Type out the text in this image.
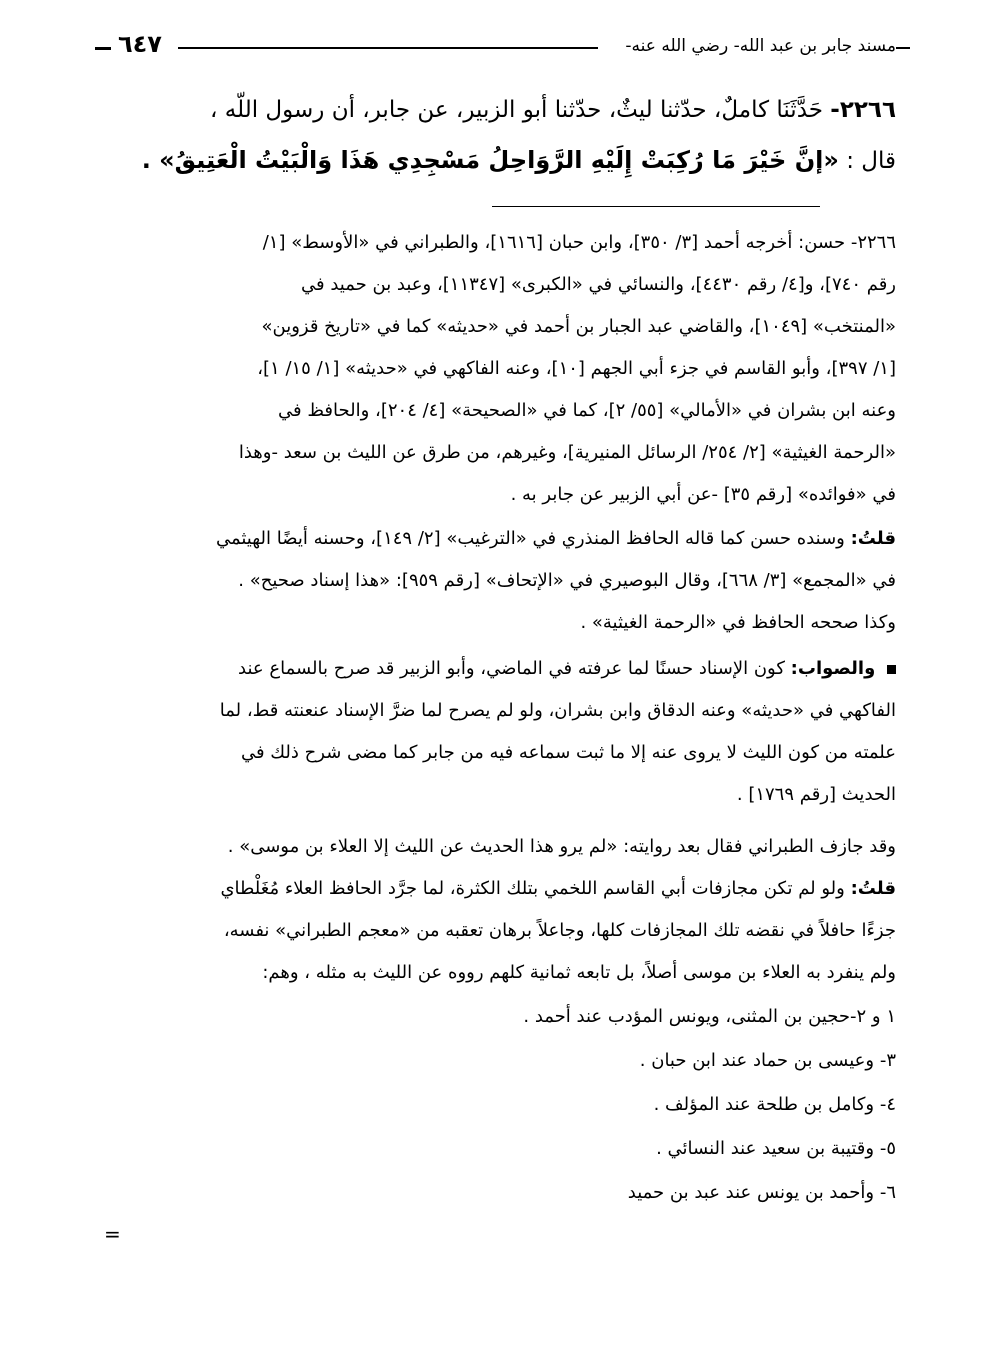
مسند جابر بن عبد الله- رضي الله عنه-
٦٤٧
٢٢٦٦- حَدَّثَنَا كاملٌ، حدّثنا ليثٌ، حدّثنا أبو الزبير، عن جابر، أن رسول اللّه ،
قال : «إنَّ خَيْرَ مَا رُكِبَتْ إِلَيْهِ الرَّوَاحِلُ مَسْجِدِي هَذَا وَالْبَيْتُ الْعَتِيقُ» .
٢٢٦٦- حسن: أخرجه أحمد [٣/ ٣٥٠]، وابن حبان [١٦١٦]، والطبراني في «الأوسط» [١/
رقم ٧٤٠]، و[٤/ رقم ٤٤٣٠]، والنسائي في «الكبرى» [١١٣٤٧]، وعبد بن حميد في
«المنتخب» [١٠٤٩]، والقاضي عبد الجبار بن أحمد في «حديثه» كما في «تاريخ قزوين»
[١/ ٣٩٧]، وأبو القاسم في جزء أبي الجهم [١٠]، وعنه الفاكهي في «حديثه» [١/ ١٥/ ١]،
وعنه ابن بشران في «الأمالي» [٥٥/ ٢]، كما في «الصحيحة» [٤/ ٢٠٤]، والحافظ في
«الرحمة الغيثية» [٢/ ٢٥٤/ الرسائل المنيرية]، وغيرهم، من طرق عن الليث بن سعد -وهذا
في «فوائده» [رقم ٣٥] -عن أبي الزبير عن جابر به .
قلتُ: وسنده حسن كما قاله الحافظ المنذري في «الترغيب» [٢/ ١٤٩]، وحسنه أيضًا الهيثمي
في «المجمع» [٣/ ٦٦٨]، وقال البوصيري في «الإتحاف» [رقم ٩٥٩]: «هذا إسناد صحيح» .
وكذا صححه الحافظ في «الرحمة الغيثية» .
والصواب: كون الإسناد حسنًا لما عرفته في الماضي، وأبو الزبير قد صرح بالسماع عند
الفاكهي في «حديثه» وعنه الدقاق وابن بشران، ولو لم يصرح لما ضرَّ الإسناد عنعنته قط، لما
علمته من كون الليث لا يروى عنه إلا ما ثبت سماعه فيه من جابر كما مضى شرح ذلك في
الحديث [رقم ١٧٦٩] .
وقد جازف الطبراني فقال بعد روايته: «لم يرو هذا الحديث عن الليث إلا العلاء بن موسى» .
قلتُ: ولو لم تكن مجازفات أبي القاسم اللخمي بتلك الكثرة، لما جرَّد الحافظ العلاء مُغَلْطاي
جزءًا حافلاً في نقضه تلك المجازفات كلها، وجاعلاً برهان تعقبه من «معجم الطبراني» نفسه،
ولم ينفرد به العلاء بن موسى أصلاً، بل تابعه ثمانية كلهم رووه عن الليث به مثله ، وهم:
١ و ٢-حجين بن المثنى، ويونس المؤدب عند أحمد .
٣- وعيسى بن حماد عند ابن حبان .
٤- وكامل بن طلحة عند المؤلف .
٥- وقتيبة بن سعيد عند النسائي .
٦- وأحمد بن يونس عند عبد بن حميد
=
